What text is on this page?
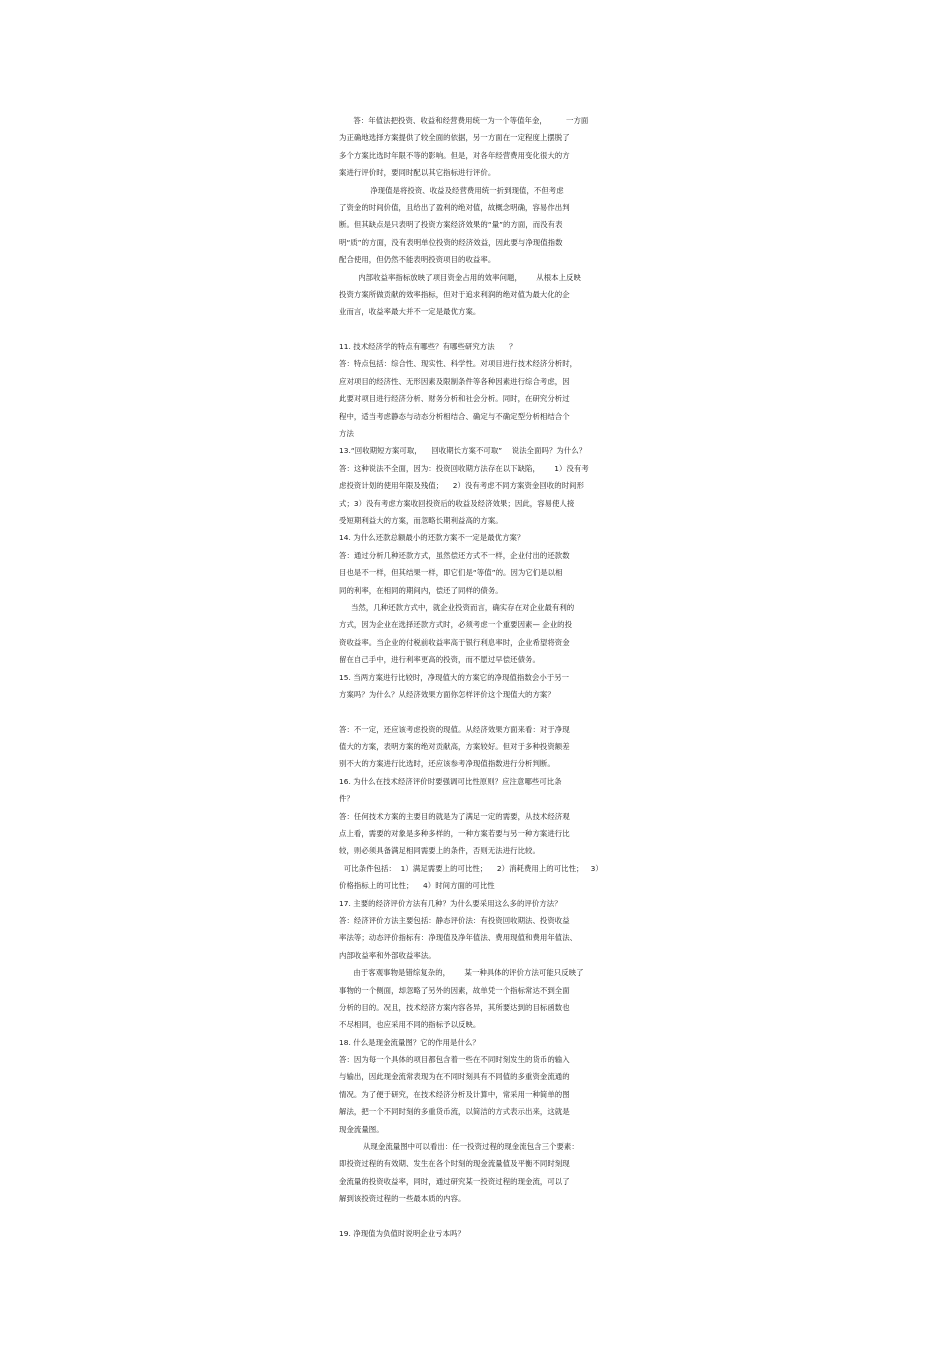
答：年值法把投资、收益和经营费用统一为一个等值年金，        一方面
为正确地选择方案提供了较全面的依据，另一方面在一定程度上摆脱了
多个方案比选时年限不等的影响。但是，对各年经营费用变化很大的方
案进行评价时，要同时配以其它指标进行评价。
净现值是将投资、收益及经营费用统一折到现值，不但考虑
了资金的时间价值，且给出了盈利的绝对值，故概念明确，容易作出判
断。但其缺点是只表明了投资方案经济效果的“量”的方面，而没有表
明“质”的方面，没有表明单位投资的经济效益，因此要与净现值指数
配合使用，但仍然不能表明投资项目的收益率。
内部收益率指标放映了项目资金占用的效率问题，      从根本上反映
投资方案所做贡献的效率指标，但对于追求利润的绝对值为最大化的企
业而言，收益率最大并不一定是最优方案。
11. 技术经济学的特点有哪些？有哪些研究方法      ？
答：特点包括：综合性、现实性、科学性。对项目进行技术经济分析时，
应对项目的经济性、无形因素及限制条件等各种因素进行综合考虑，因
此要对项目进行经济分析、财务分析和社会分析。同时，在研究分析过
程中，适当考虑静态与动态分析相结合、确定与不确定型分析相结合个
方法
13.“回收期短方案可取，    回收期长方案不可取”    说法全面吗？为什么？
答：这种说法不全面，因为：投资回收期方法存在以下缺陷，      1）没有考
虑投资计划的使用年限及残值；    2）没有考虑不同方案资金回收的时间形
式；3）没有考虑方案收回投资后的收益及经济效果；因此，容易使人接
受短期利益大的方案，而忽略长期利益高的方案。
14. 为什么还款总额最小的还款方案不一定是最优方案？
答：通过分析几种还款方式，虽然偿还方式不一样，企业付出的还款数
目也是不一样，但其结果一样，即它们是“等值”的。因为它们是以相
同的利率，在相同的期间内，偿还了同样的债务。
当然，几种还款方式中，就企业投资而言，确实存在对企业最有利的
方式，因为企业在选择还款方式时，必须考虑一个重要因素— 企业的投
资收益率。当企业的付税前收益率高于银行利息率时，企业希望将资金
留在自己手中，进行利率更高的投资，而不愿过早偿还债务。
15. 当两方案进行比较时，净现值大的方案它的净现值指数会小于另一
方案吗？为什么？从经济效果方面你怎样评价这个现值大的方案？
答：不一定，还应该考虑投资的现值。从经济效果方面来看：对于净现
值大的方案，表明方案的绝对贡献高，方案较好。但对于多种投资额差
别不大的方案进行比选时，还应该参考净现值指数进行分析判断。
16. 为什么在技术经济评价时要强调可比性原则？应注意哪些可比条
件？
答：任何技术方案的主要目的就是为了满足一定的需要，从技术经济观
点上看，需要的对象是多种多样的，一种方案若要与另一种方案进行比
较，则必须具备满足相同需要上的条件，否则无法进行比较。
可比条件包括：  1）满足需要上的可比性；    2）消耗费用上的可比性；   3）
价格指标上的可比性；    4）时间方面的可比性
17. 主要的经济评价方法有几种？为什么要采用这么多的评价方法？
答：经济评价方法主要包括：静态评价法：有投资回收期法、投资收益
率法等；动态评价指标有：净现值及净年值法、费用现值和费用年值法、
内部收益率和外部收益率法。
由于客观事物是错综复杂的，      某一种具体的评价方法可能只反映了
事物的一个侧面，却忽略了另外的因素，故单凭一个指标常达不到全面
分析的目的。况且，技术经济方案内容各异，其所要达到的目标函数也
不尽相同，也应采用不同的指标予以反映。
18. 什么是现金流量图？它的作用是什么？
答：因为每一个具体的项目都包含着一些在不同时刻发生的货币的输入
与输出，因此现金流常表现为在不同时刻具有不同值的多重资金流通的
情况。为了便于研究，在技术经济分析及计算中，常采用一种简单的图
解法，把一个不同时刻的多重货币流，以简洁的方式表示出来，这就是
现金流量图。
从现金流量图中可以看出：任一投资过程的现金流包含三个要素：
即投资过程的有效期、发生在各个时刻的现金流量值及平衡不同时刻现
金流量的投资收益率，同时，通过研究某一投资过程的现金流，可以了
解到该投资过程的一些最本质的内容。
19. 净现值为负值时说明企业亏本吗？
